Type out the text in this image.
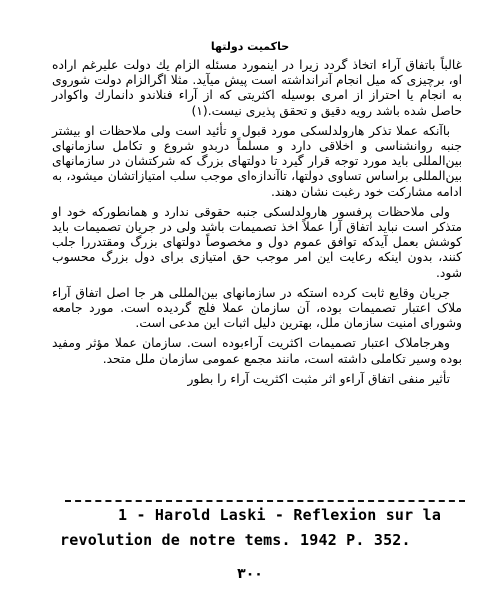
حاکمیت دولتها

غالباً باتفاق آراء اتخاذ گردد زیرا در اینمورد مسئله الزام یك دولت علیرغم اراده او، برچیزی که میل انجام آنرانداشته است پیش میآید. مثلا اگرالزام دولت شوروی به انجام یا احتراز از امری بوسیله اکثریتی که از آراء فنلاندو دانمارك واکوادر حاصل شده باشد رویه دقیق و تحقق پذیری نیست.(۱)

باآنکه عملا تذکر هارولدلسکی مورد قبول و تأئید است ولی ملاحظات او بیشتر جنبه روانشناسی و اخلاقی دارد و مسلماً دربدو شروع و تکامل سازمانهای بین‌المللی باید مورد توجه قرار گیرد تا دولتهای بزرگ که شرکتشان در سازمانهای بین‌المللی براساس تساوی دولتها، تاآندازه‌ای موجب سلب امتیازاتشان میشود، به ادامه مشارکت خود رغبت نشان دهند.

ولی ملاحظات پرفسور هارولدلسکی جنبه حقوقی ندارد و همانطورکه خود او متذکر است نباید اتفاق آرا عملاً اخذ تصمیمات باشد ولی در جریان تصمیمات باید کوشش بعمل آیدکه توافق عموم دول و مخصوصاً دولتهای بزرگ ومقتدررا جلب کنند، بدون اینکه رعایت این امر موجب حق امتیازی برای دول بزرگ محسوب شود.

جریان وقایع ثابت کرده استکه در سازمانهای بین‌المللی هر جا اصل اتفاق آراء ملاک اعتبار تصمیمات بوده، آن سازمان عملا فلج گردیده است. مورد جامعه وشورای امنیت سازمان ملل، بهترین دلیل اثبات این مدعی است.

وهرجاملاک اعتبار تصمیمات اکثریت آراءبوده است. سازمان عملا مؤثر ومفید بوده وسیر تکاملی داشته است، مانند مجمع عمومی سازمان ملل متحد.

تأثیر منفی اتفاق آراءو اثر مثبت اکثریت آراء را بطور

1 - Harold Laski - Reflexion sur la
revolution de notre tems. 1942 P. 352.
۳۰۰
